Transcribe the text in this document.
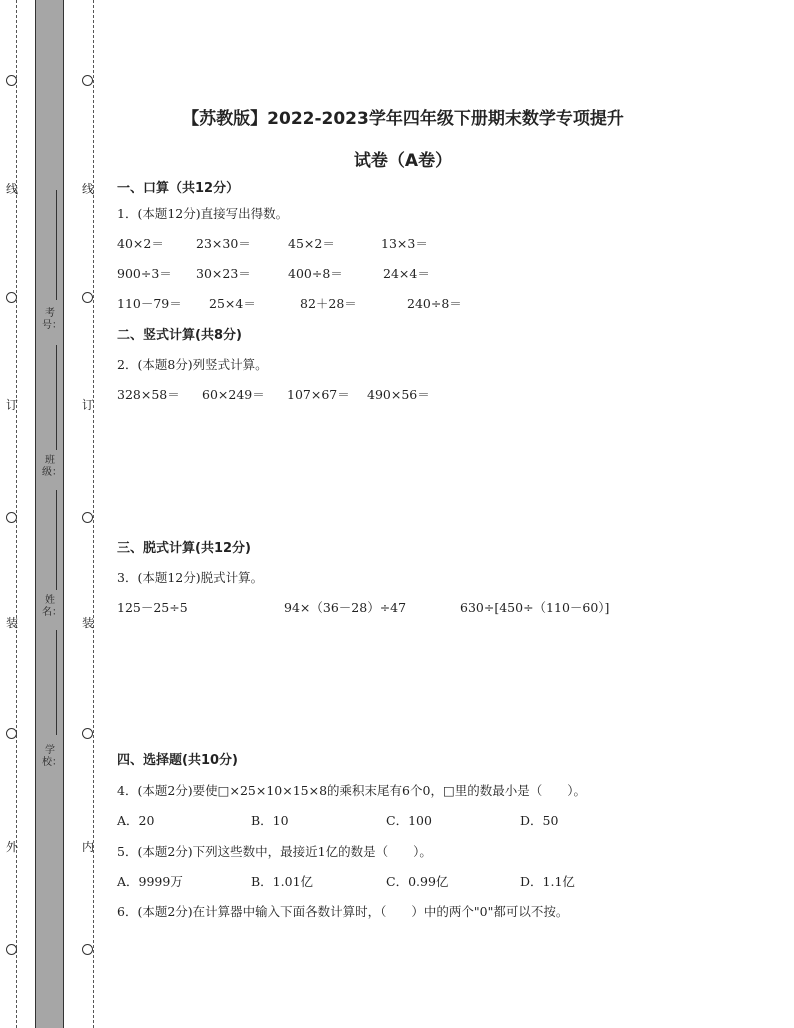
线
订
装
外
线
订
装
内
考号：
班级：
姓名：
学校：
【苏教版】2022-2023学年四年级下册期末数学专项提升
试卷（A卷）
一、口算（共12分）
1．(本题12分)直接写出得数。
40×2＝	23×30＝	45×2＝	13×3＝
900÷3＝ 30×23＝	400÷8＝	24×4＝
110－79＝ 25×4＝	82＋28＝	240÷8＝
二、竖式计算(共8分)
2．(本题8分)列竖式计算。
328×58＝ 60×249＝ 107×67＝ 490×56＝
三、脱式计算(共12分)
3．(本题12分)脱式计算。
125－25÷5	94×（36－28）÷47	630÷[450÷（110－60）]
四、选择题(共10分)
4．(本题2分)要使□×25×10×15×8的乘积末尾有6个0，□里的数最小是（　　）。
A．20	B．10	C．100	D．50
5．(本题2分)下列这些数中，最接近1亿的数是（　　）。
A．9999万	B．1.01亿	C．0.99亿	D．1.1亿
6．(本题2分)在计算器中输入下面各数计算时，（　　）中的两个"0"都可以不按。
